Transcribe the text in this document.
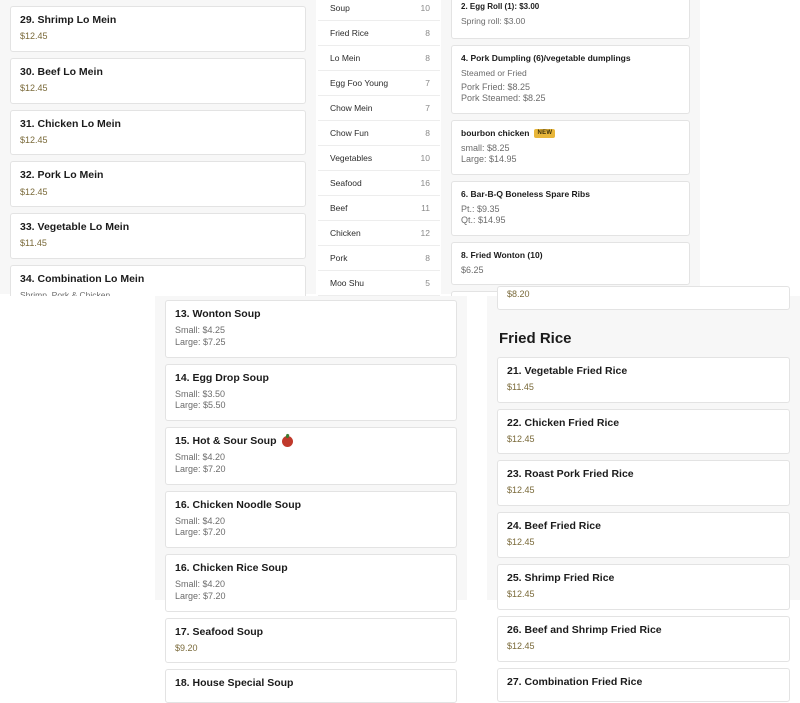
29. Shrimp Lo Mein
$12.45
30. Beef Lo Mein
$12.45
31. Chicken Lo Mein
$12.45
32. Pork Lo Mein
$12.45
33. Vegetable Lo Mein
$11.45
34. Combination Lo Mein
Soup	10
Fried Rice	8
Lo Mein	8
Egg Foo Young	7
Chow Mein	7
Chow Fun	8
Vegetables	10
Seafood	16
Beef	11
Chicken	12
Pork	8
Moo Shu	5
2. Egg Roll (1): $3.00
Spring roll: $3.00
4. Pork Dumpling (6)/vegetable dumplings
Steamed or Fried
Pork Fried: $8.25
Pork Steamed: $8.25
bourbon chicken	NEW
small: $8.25
Large: $14.95
6. Bar-B-Q Boneless Spare Ribs
Pt.: $9.35
Qt.: $14.95
8. Fried Wonton (10)
$6.25
13. Wonton Soup
Small: $4.25
Large: $7.25
14. Egg Drop Soup
Small: $3.50
Large: $5.50
15. Hot & Sour Soup
Small: $4.20
Large: $7.20
16. Chicken Noodle Soup
Small: $4.20
Large: $7.20
16. Chicken Rice Soup
Small: $4.20
Large: $7.20
17. Seafood Soup
$9.20
18. House Special Soup
$8.20
Fried Rice
21. Vegetable Fried Rice
$11.45
22. Chicken Fried Rice
$12.45
23. Roast Pork Fried Rice
$12.45
24. Beef Fried Rice
$12.45
25. Shrimp Fried Rice
$12.45
26. Beef and Shrimp Fried Rice
$12.45
27. Combination Fried Rice
